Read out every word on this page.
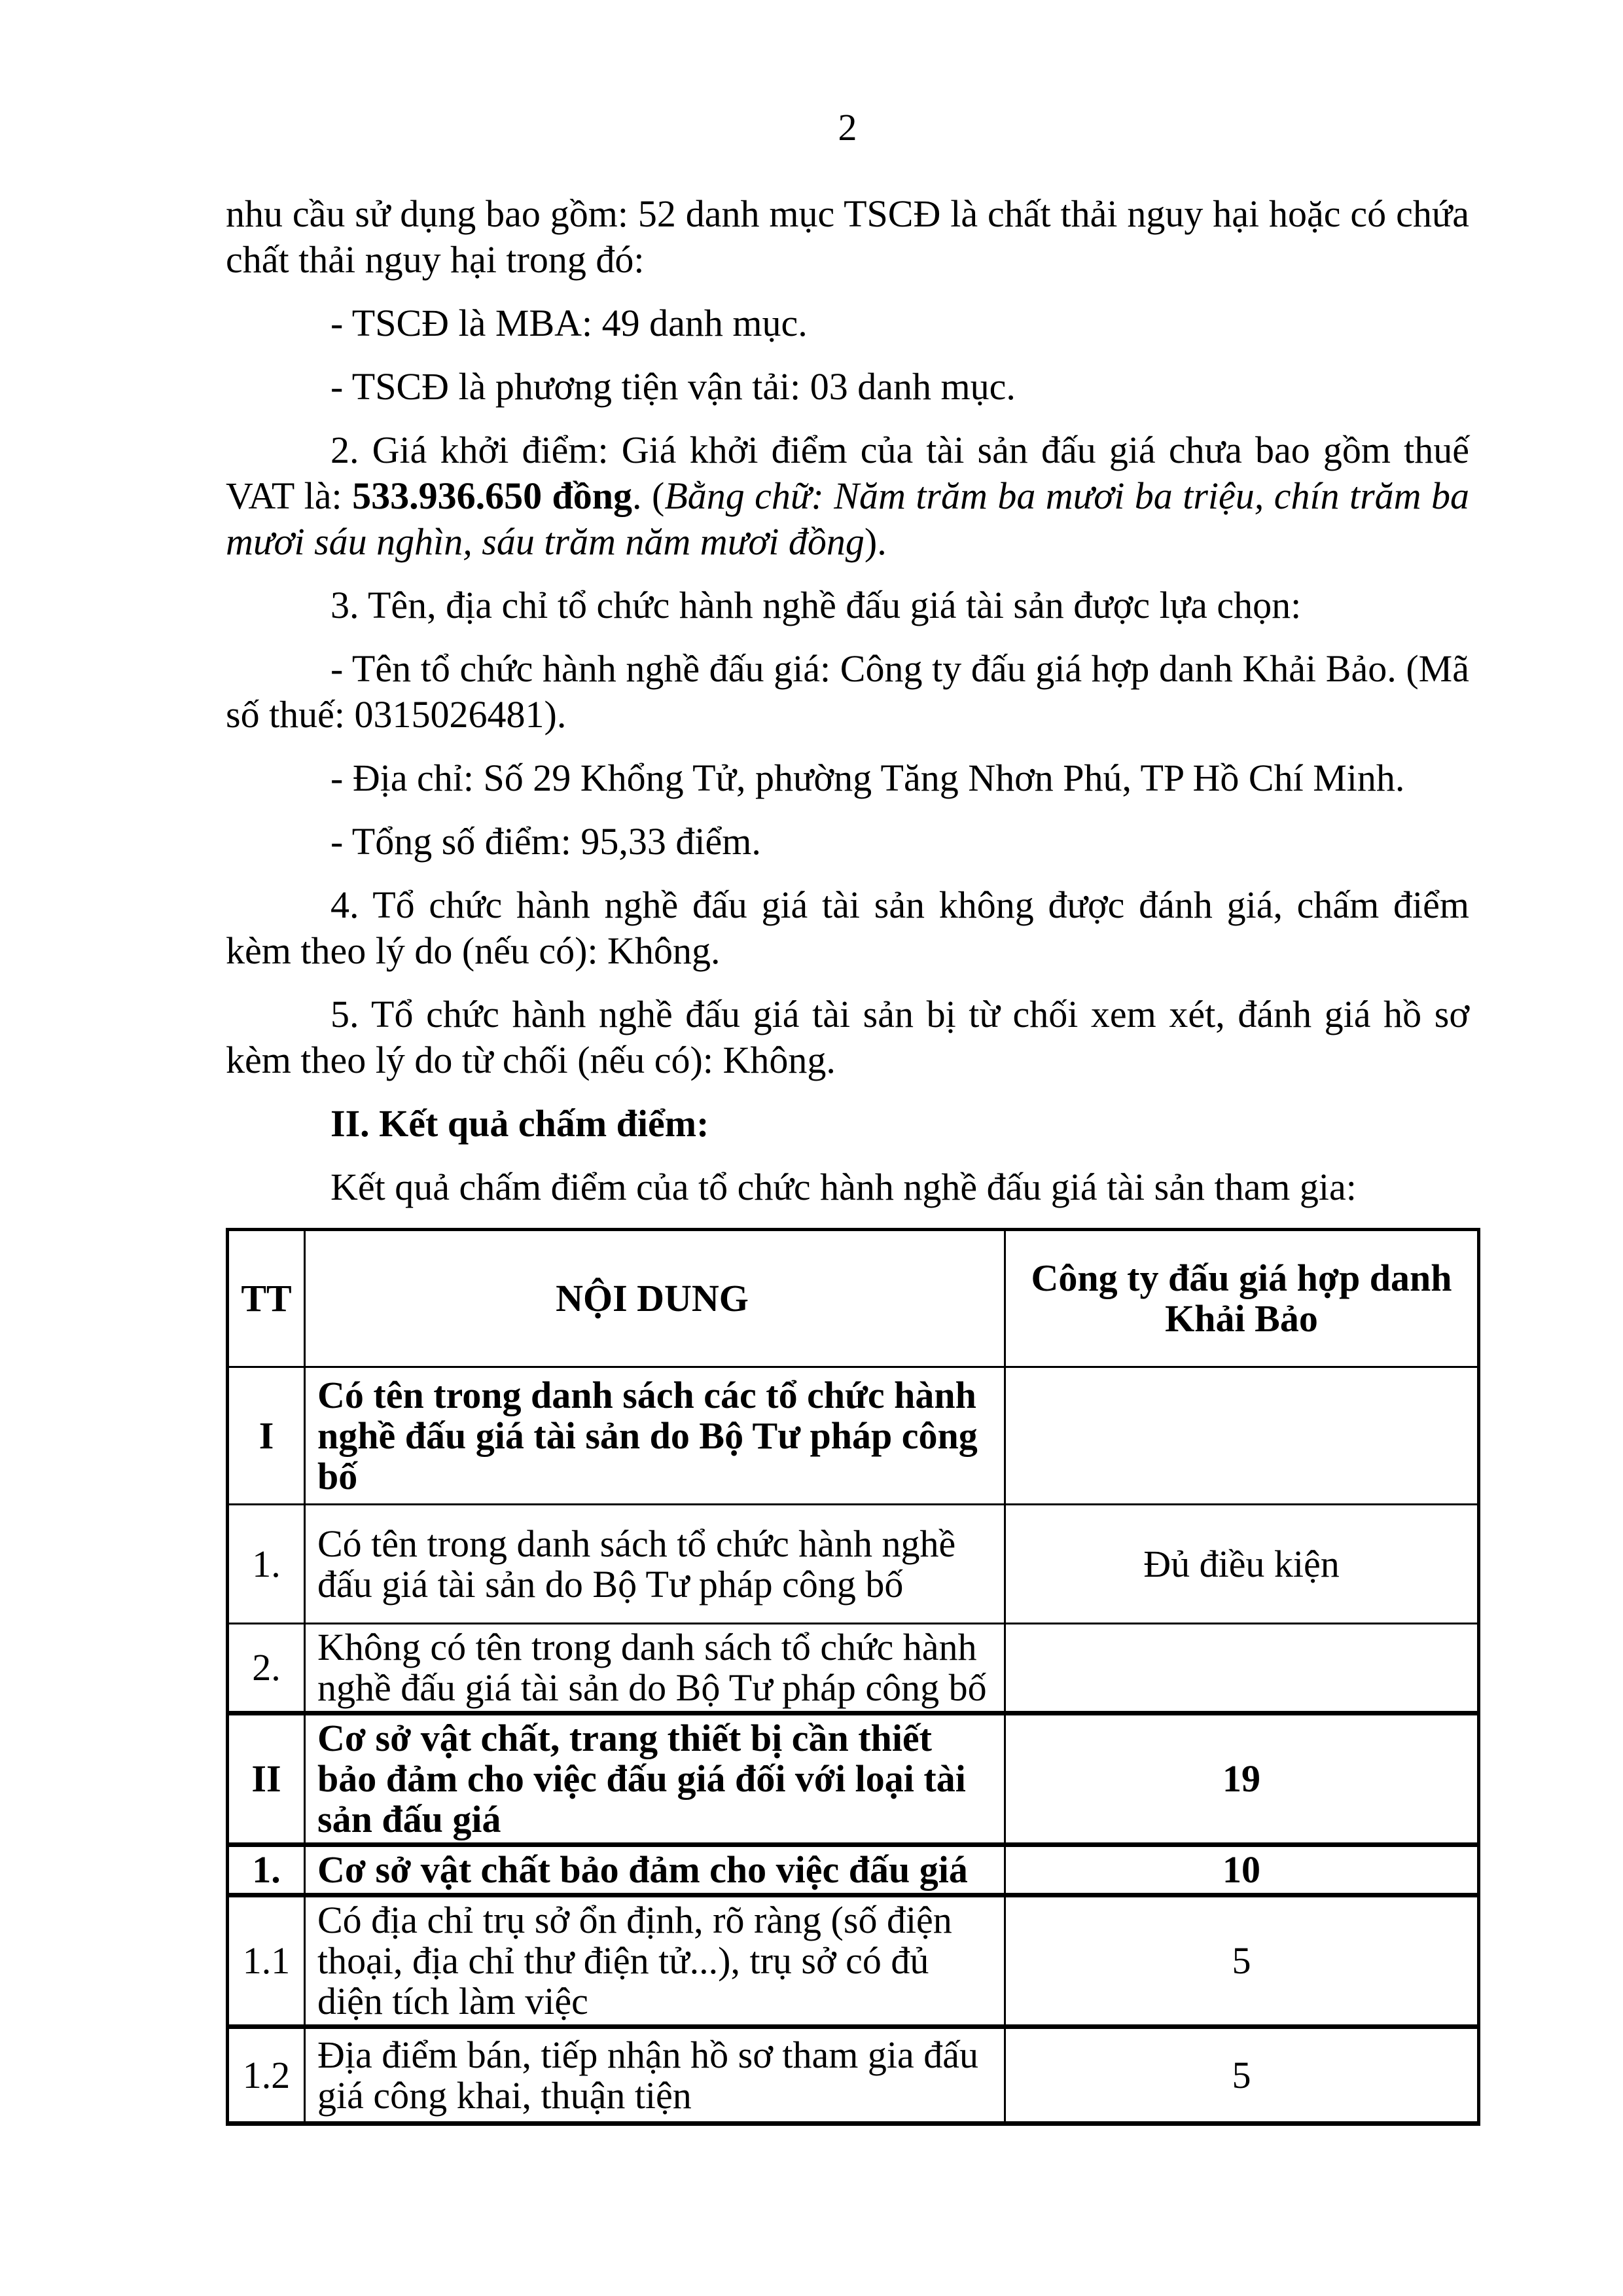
2

nhu cầu sử dụng bao gồm: 52 danh mục TSCĐ là chất thải nguy hại hoặc có chứa chất thải nguy hại trong đó:

- TSCĐ là MBA: 49 danh mục.

- TSCĐ là phương tiện vận tải: 03 danh mục.

2. Giá khởi điểm: Giá khởi điểm của tài sản đấu giá chưa bao gồm thuế VAT là: 533.936.650 đồng. (Bằng chữ: Năm trăm ba mươi ba triệu, chín trăm ba mươi sáu nghìn, sáu trăm năm mươi đồng).

3. Tên, địa chỉ tổ chức hành nghề đấu giá tài sản được lựa chọn:

- Tên tổ chức hành nghề đấu giá: Công ty đấu giá hợp danh Khải Bảo. (Mã số thuế: 0315026481).

- Địa chỉ: Số 29 Khổng Tử, phường Tăng Nhơn Phú, TP Hồ Chí Minh.

- Tổng số điểm: 95,33 điểm.

4. Tổ chức hành nghề đấu giá tài sản không được đánh giá, chấm điểm kèm theo lý do (nếu có): Không.

5. Tổ chức hành nghề đấu giá tài sản bị từ chối xem xét, đánh giá hồ sơ kèm theo lý do từ chối (nếu có): Không.

II. Kết quả chấm điểm:

Kết quả chấm điểm của tổ chức hành nghề đấu giá tài sản tham gia:

TT	NỘI DUNG	Công ty đấu giá hợp danh Khải Bảo
I	Có tên trong danh sách các tổ chức hành nghề đấu giá tài sản do Bộ Tư pháp công bố	
1.	Có tên trong danh sách tổ chức hành nghề đấu giá tài sản do Bộ Tư pháp công bố	Đủ điều kiện
2.	Không có tên trong danh sách tổ chức hành nghề đấu giá tài sản do Bộ Tư pháp công bố	
II	Cơ sở vật chất, trang thiết bị cần thiết bảo đảm cho việc đấu giá đối với loại tài sản đấu giá	19
1.	Cơ sở vật chất bảo đảm cho việc đấu giá	10
1.1	Có địa chỉ trụ sở ổn định, rõ ràng (số điện thoại, địa chỉ thư điện tử...), trụ sở có đủ diện tích làm việc	5
1.2	Địa điểm bán, tiếp nhận hồ sơ tham gia đấu giá công khai, thuận tiện	5
